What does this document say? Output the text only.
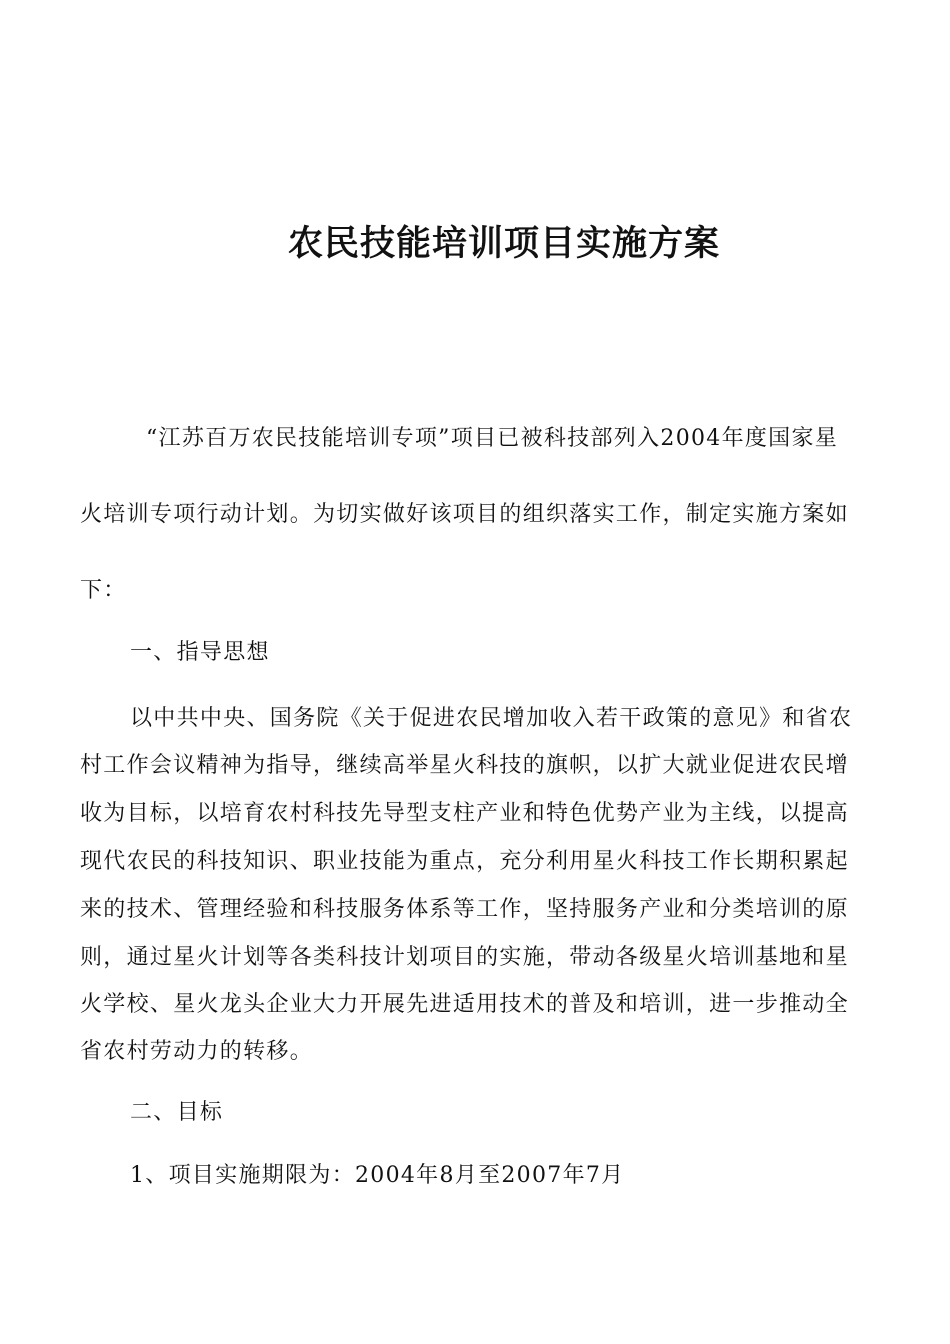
农民技能培训项目实施方案
“江苏百万农民技能培训专项”项目已被科技部列入2004年度国家星
火培训专项行动计划。为切实做好该项目的组织落实工作，制定实施方案如
下：
一、指导思想
以中共中央、国务院《关于促进农民增加收入若干政策的意见》和省农
村工作会议精神为指导，继续高举星火科技的旗帜，以扩大就业促进农民增
收为目标，以培育农村科技先导型支柱产业和特色优势产业为主线，以提高
现代农民的科技知识、职业技能为重点，充分利用星火科技工作长期积累起
来的技术、管理经验和科技服务体系等工作，坚持服务产业和分类培训的原
则，通过星火计划等各类科技计划项目的实施，带动各级星火培训基地和星
火学校、星火龙头企业大力开展先进适用技术的普及和培训，进一步推动全
省农村劳动力的转移。
二、目标
1、项目实施期限为：2004年8月至2007年7月
